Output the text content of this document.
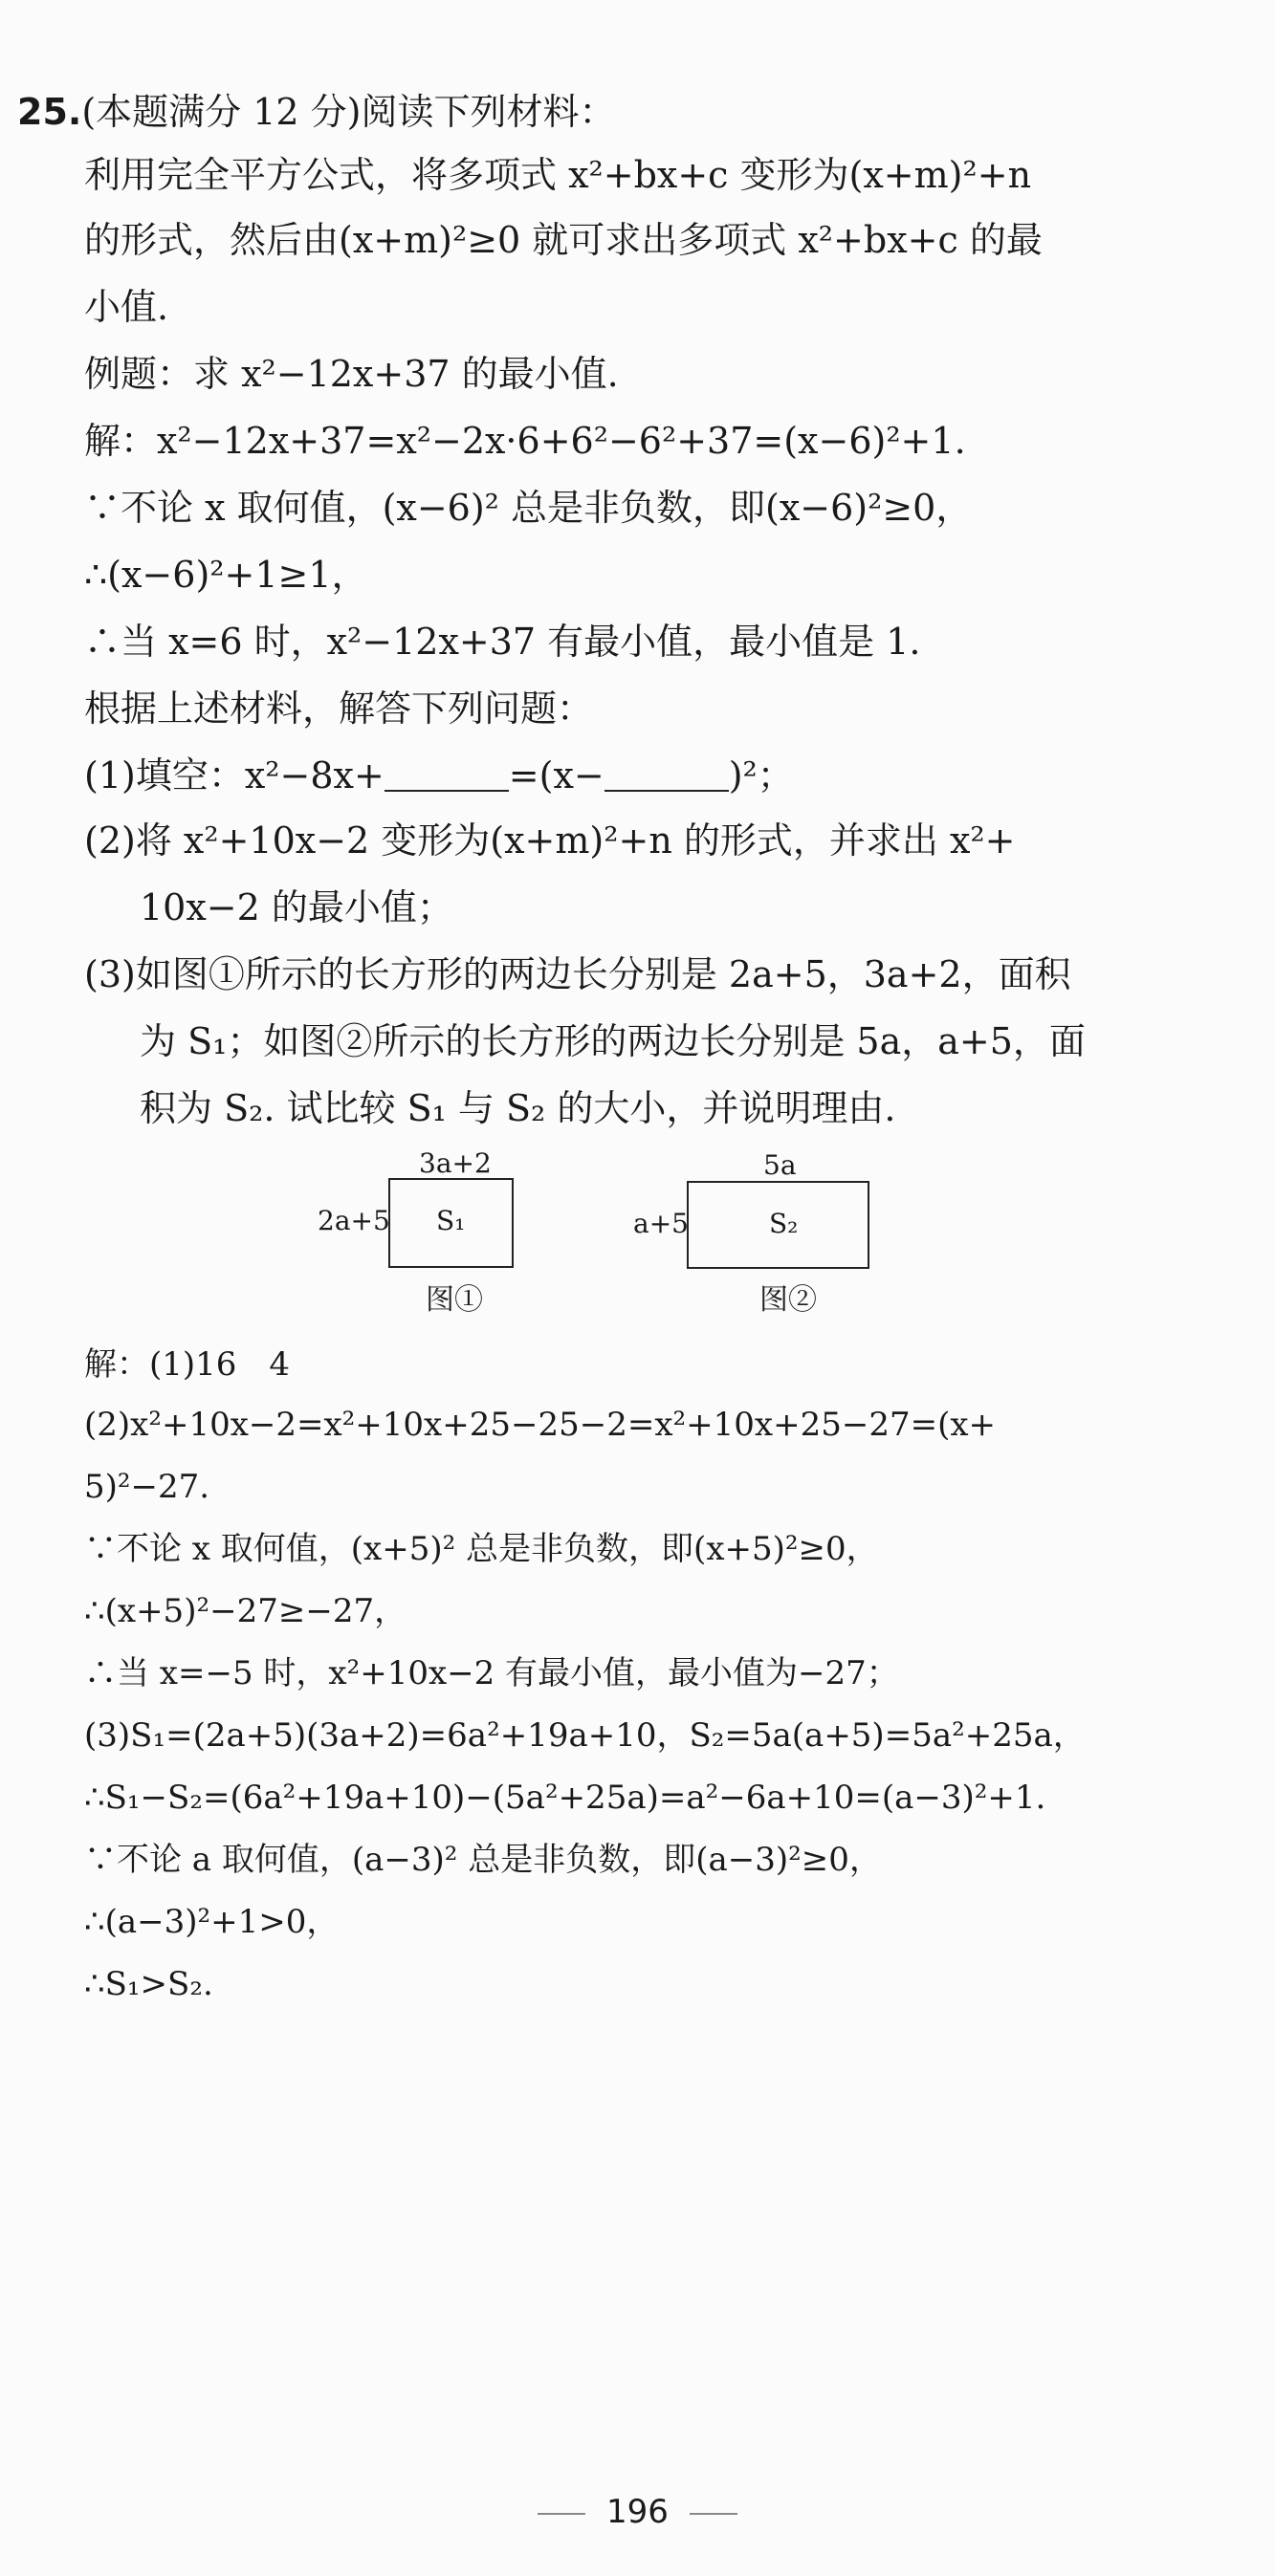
25.(本题满分 12 分)阅读下列材料：
利用完全平方公式，将多项式 x²+bx+c 变形为(x+m)²+n
的形式，然后由(x+m)²≥0 就可求出多项式 x²+bx+c 的最
小值.
例题：求 x²−12x+37 的最小值.
解：x²−12x+37=x²−2x·6+6²−6²+37=(x−6)²+1.
∵不论 x 取何值，(x−6)² 总是非负数，即(x−6)²≥0，
∴(x−6)²+1≥1，
∴当 x=6 时，x²−12x+37 有最小值，最小值是 1.
根据上述材料，解答下列问题：
(1)填空：x²−8x+	=(x−	)²；
(2)将 x²+10x−2 变形为(x+m)²+n 的形式，并求出 x²+
10x−2 的最小值；
(3)如图①所示的长方形的两边长分别是 2a+5，3a+2，面积
为 S₁；如图②所示的长方形的两边长分别是 5a，a+5，面
积为 S₂. 试比较 S₁ 与 S₂ 的大小，并说明理由.
3a+2
2a+5 S₁
图①
5a
a+5	S₂
图②
解：(1)16　4
(2)x²+10x−2=x²+10x+25−25−2=x²+10x+25−27=(x+
5)²−27.
∵不论 x 取何值，(x+5)² 总是非负数，即(x+5)²≥0，
∴(x+5)²−27≥−27，
∴当 x=−5 时，x²+10x−2 有最小值，最小值为−27；
(3)S₁=(2a+5)(3a+2)=6a²+19a+10，S₂=5a(a+5)=5a²+25a，
∴S₁−S₂=(6a²+19a+10)−(5a²+25a)=a²−6a+10=(a−3)²+1.
∵不论 a 取何值，(a−3)² 总是非负数，即(a−3)²≥0，
∴(a−3)²+1>0，
∴S₁>S₂.
196
